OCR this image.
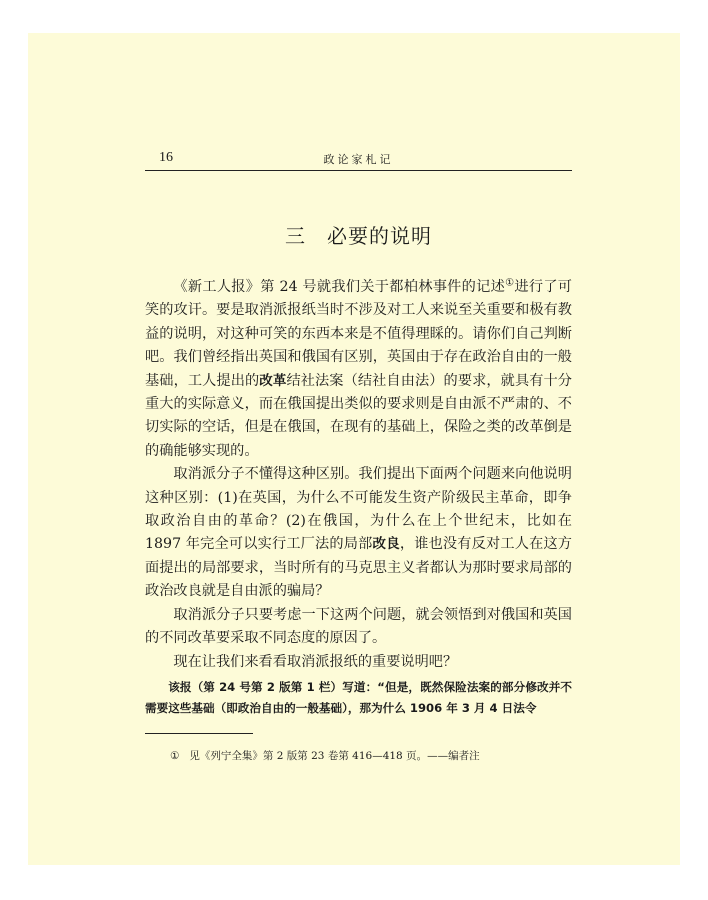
16	政论家札记
三　必要的说明

《新工人报》第 24 号就我们关于都柏林事件的记述①进行了可笑的攻讦。要是取消派报纸当时不涉及对工人来说至关重要和极有教益的说明，对这种可笑的东西本来是不值得理睬的。请你们自己判断吧。我们曾经指出英国和俄国有区别，英国由于存在政治自由的一般基础，工人提出的改革结社法案（结社自由法）的要求，就具有十分重大的实际意义，而在俄国提出类似的要求则是自由派不严肃的、不切实际的空话，但是在俄国，在现有的基础上，保险之类的改革倒是的确能够实现的。

取消派分子不懂得这种区别。我们提出下面两个问题来向他说明这种区别：(1)在英国，为什么不可能发生资产阶级民主革命，即争取政治自由的革命？(2)在俄国，为什么在上个世纪末，比如在 1897 年完全可以实行工厂法的局部改良，谁也没有反对工人在这方面提出的局部要求，当时所有的马克思主义者都认为那时要求局部的政治改良就是自由派的骗局？

取消派分子只要考虑一下这两个问题，就会领悟到对俄国和英国的不同改革要采取不同态度的原因了。

现在让我们来看看取消派报纸的重要说明吧？

该报（第 24 号第 2 版第 1 栏）写道：“但是，既然保险法案的部分修改并不需要这些基础（即政治自由的一般基础），那为什么 1906 年 3 月 4 日法令

① 见《列宁全集》第 2 版第 23 卷第 416—418 页。——编者注
